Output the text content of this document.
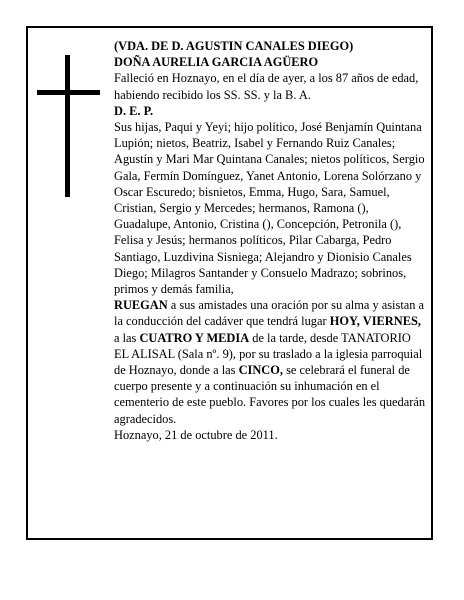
(VDA. DE D. AGUSTIN CANALES DIEGO)

DOÑA AURELIA GARCIA AGÜERO

Falleció en Hoznayo, en el día de ayer, a los 87 años de edad, habiendo recibido los SS. SS. y la B. A.

D. E. P.

Sus hijas, Paqui y Yeyi; hijo político, José Benjamín Quintana Lupión; nietos, Beatriz, Isabel y Fernando Ruiz Canales; Agustín y Mari Mar Quintana Canales; nietos políticos, Sergio Gala, Fermín Domínguez, Yanet Antonio, Lorena Solórzano y Oscar Escuredo; bisnietos, Emma, Hugo, Sara, Samuel, Cristian, Sergio y Mercedes; hermanos, Ramona (), Guadalupe, Antonio, Cristina (), Concepción, Petronila (), Felisa y Jesús; hermanos políticos, Pilar Cabarga, Pedro Santiago, Luzdivina Sisniega; Alejandro y Dionisio Canales Diego; Milagros Santander y Consuelo Madrazo; sobrinos, primos y demás familia,

RUEGAN a sus amistades una oración por su alma y asistan a la conducción del cadáver que tendrá lugar HOY, VIERNES, a las CUATRO Y MEDIA de la tarde, desde TANATORIO EL ALISAL (Sala nº. 9), por su traslado a la iglesia parroquial de Hoznayo, donde a las CINCO, se celebrará el funeral de cuerpo presente y a continuación su inhumación en el cementerio de este pueblo. Favores por los cuales les quedarán agradecidos.

Hoznayo, 21 de octubre de 2011.
